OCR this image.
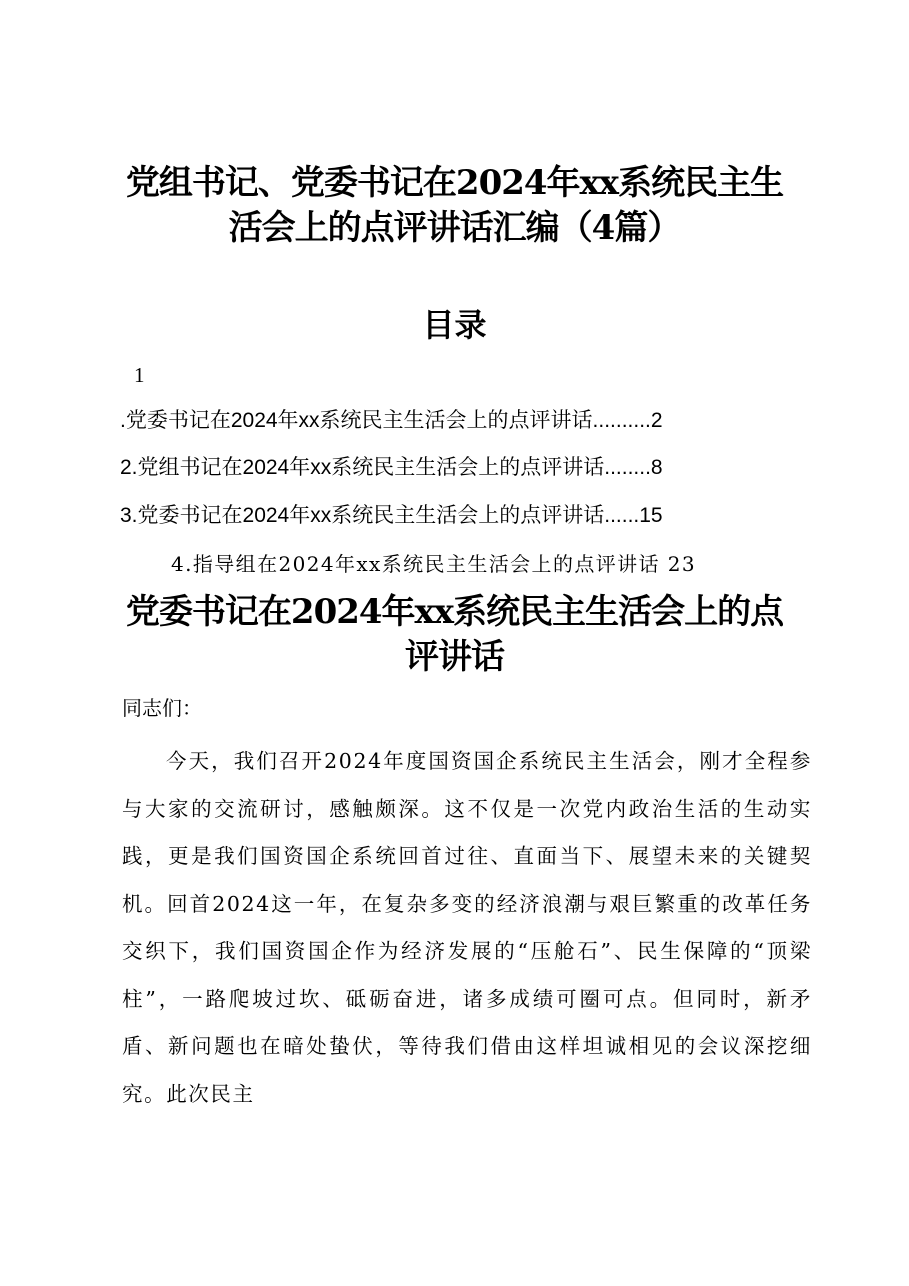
党组书记、党委书记在2024年xx系统民主生
活会上的点评讲话汇编（4篇）
目录
1
.党委书记在2024年xx系统民主生活会上的点评讲话..........2
2.党组书记在2024年xx系统民主生活会上的点评讲话........8
3.党委书记在2024年xx系统民主生活会上的点评讲话......15
4.指导组在2024年xx系统民主生活会上的点评讲话 23
党委书记在2024年xx系统民主生活会上的点
评讲话
同志们：

今天，我们召开2024年度国资国企系统民主生活会，刚才全程参与大家的交流研讨，感触颇深。这不仅是一次党内政治生活的生动实践，更是我们国资国企系统回首过往、直面当下、展望未来的关键契机。回首2024这一年，在复杂多变的经济浪潮与艰巨繁重的改革任务交织下，我们国资国企作为经济发展的“压舱石”、民生保障的“顶梁柱”，一路爬坡过坎、砥砺奋进，诸多成绩可圈可点。但同时，新矛盾、新问题也在暗处蛰伏，等待我们借由这样坦诚相见的会议深挖细究。此次民主
